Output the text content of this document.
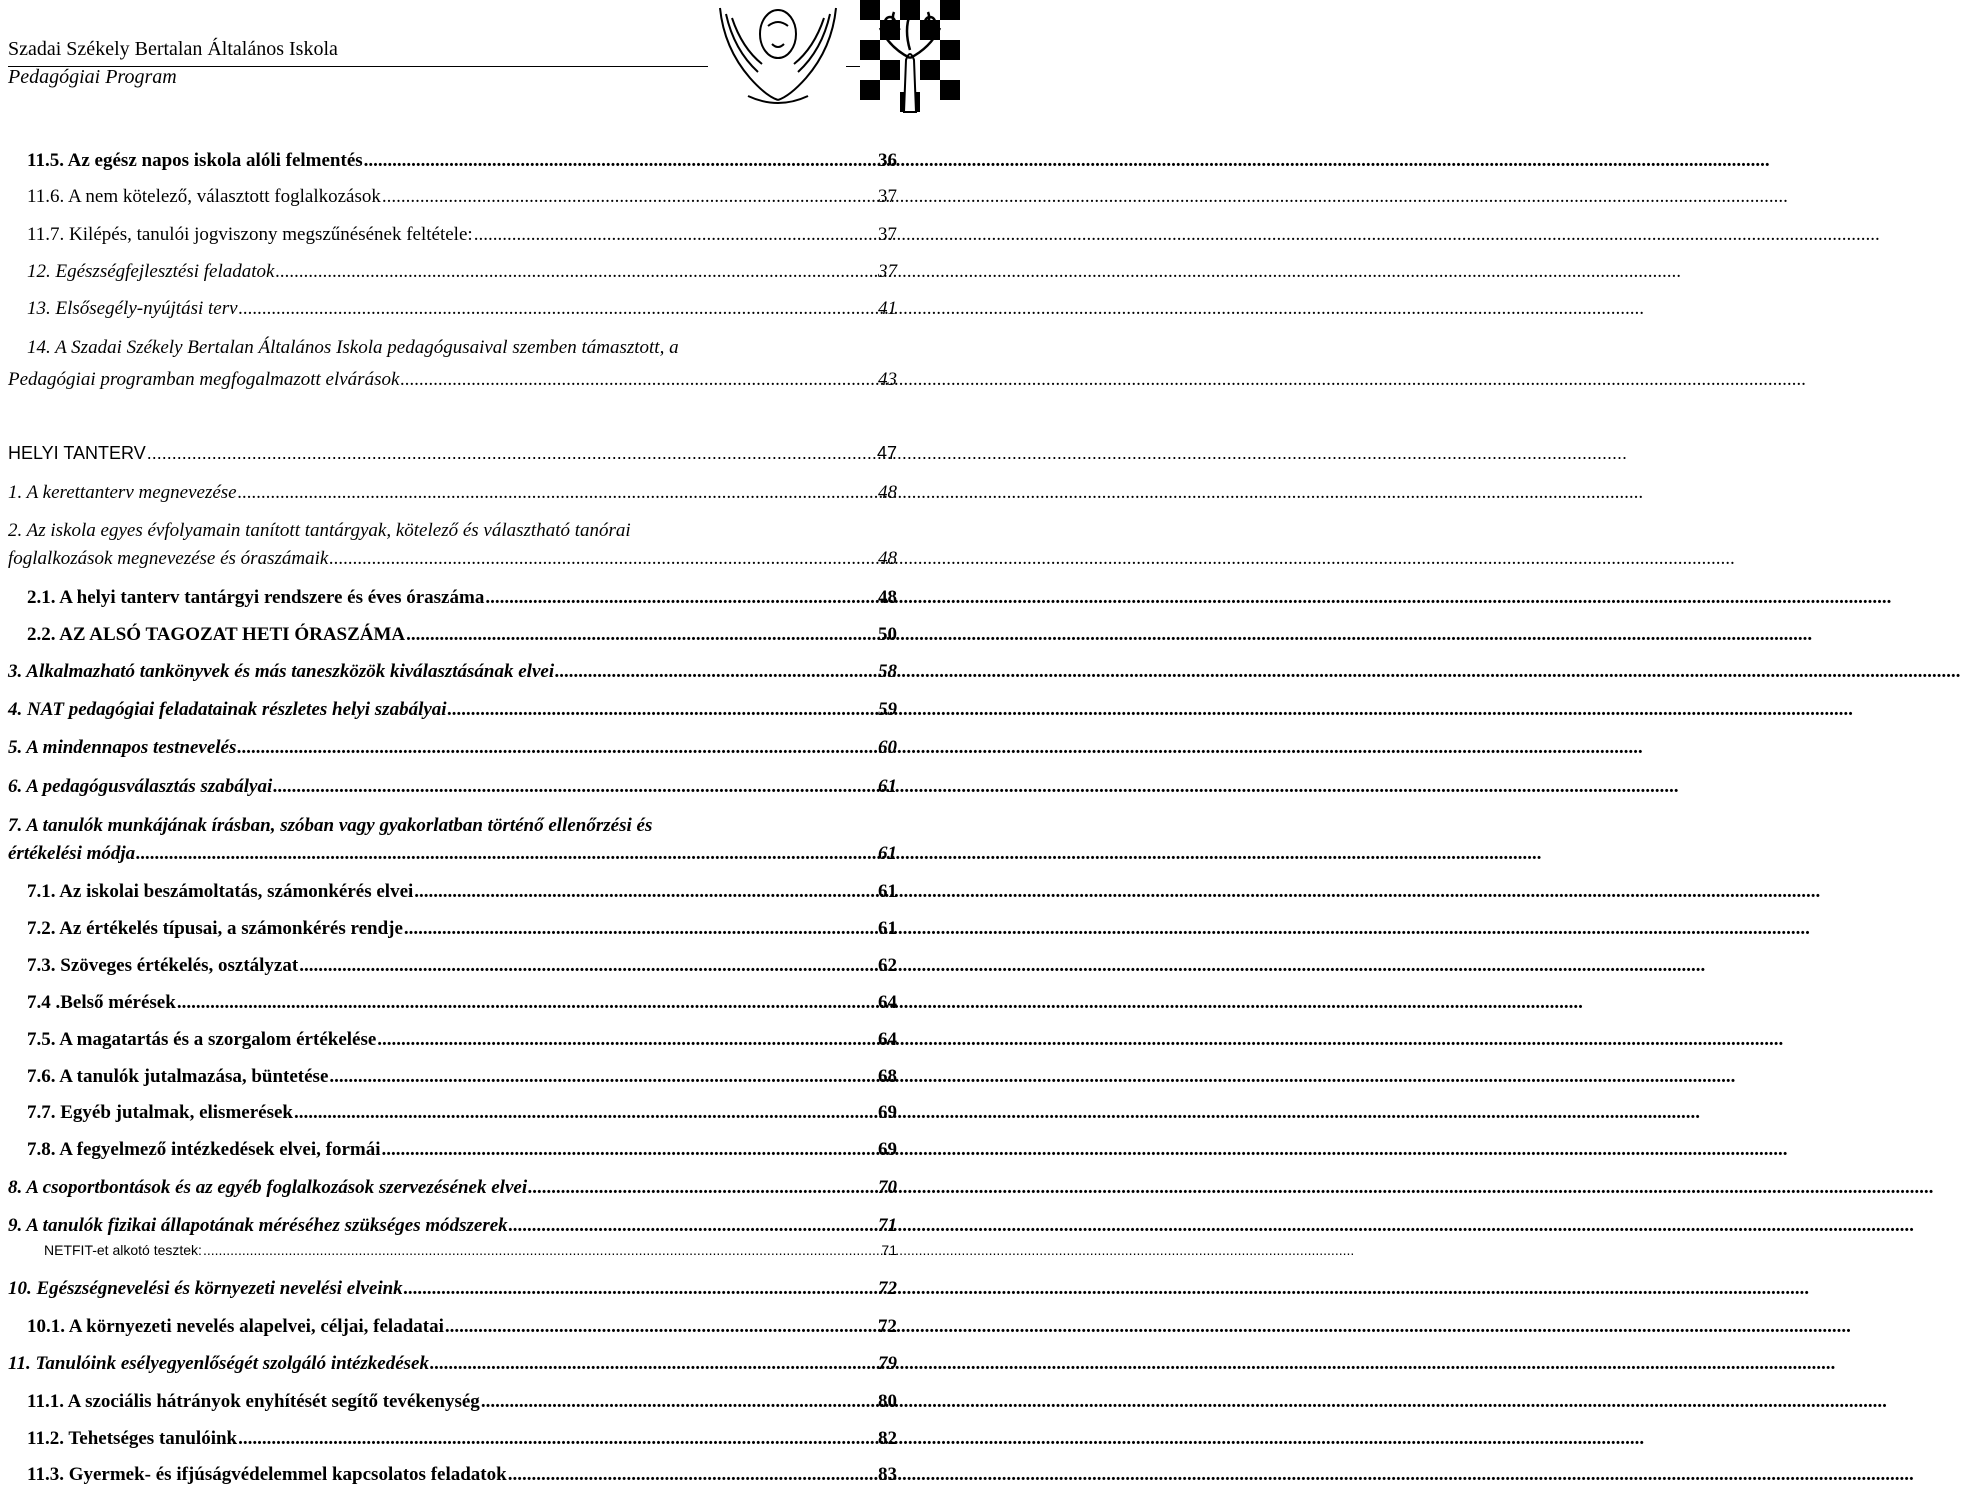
Szadai Székely Bertalan Általános Iskola
Pedagógiai Program
11.5. Az egész napos iskola alóli felmentés .....	36
11.6. A nem kötelező, választott foglalkozások .....	37
11.7. Kilépés, tanulói jogviszony megszűnésének feltétele: .....	37
12. Egészségfejlesztési feladatok .....	37
13. Elsősegély-nyújtási terv .....	41
14. A Szadai Székely Bertalan Általános Iskola pedagógusaival szemben támasztott, a
Pedagógiai programban megfogalmazott elvárások .....	43
HELYI TANTERV .....	47
1. A kerettanterv megnevezése .....	48
2. Az iskola egyes évfolyamain tanított tantárgyak, kötelező és választható tanórai
foglalkozások megnevezése és óraszámaik .....	48
2.1. A helyi tanterv tantárgyi rendszere és éves óraszáma .....	48
2.2. AZ ALSÓ TAGOZAT HETI ÓRASZÁMA .....	50
3. Alkalmazható tankönyvek és más taneszközök kiválasztásának elvei .....	58
4. NAT pedagógiai feladatainak részletes helyi szabályai .....	59
5. A mindennapos testnevelés .....	60
6. A pedagógusválasztás szabályai .....	61
7. A tanulók munkájának írásban, szóban vagy gyakorlatban történő ellenőrzési és
értékelési módja .....	61
7.1. Az iskolai beszámoltatás, számonkérés elvei .....	61
7.2. Az értékelés típusai, a számonkérés rendje .....	61
7.3. Szöveges értékelés, osztályzat .....	62
7.4 .Belső mérések .....	64
7.5. A magatartás és a szorgalom értékelése .....	64
7.6. A tanulók jutalmazása, büntetése .....	68
7.7. Egyéb jutalmak, elismerések .....	69
7.8. A fegyelmező intézkedések elvei, formái .....	69
8. A csoportbontások és az egyéb foglalkozások szervezésének elvei .....	70
9. A tanulók fizikai állapotának méréséhez szükséges módszerek .....	71
NETFIT-et alkotó tesztek: .....	71
10. Egészségnevelési és környezeti nevelési elveink .....	72
10.1. A környezeti nevelés alapelvei, céljai, feladatai .....	72
11. Tanulóink esélyegyenlőségét szolgáló intézkedések .....	79
11.1. A szociális hátrányok enyhítését segítő tevékenység .....	80
11.2. Tehetséges tanulóink .....	82
11.3. Gyermek- és ifjúságvédelemmel kapcsolatos feladatok .....	83
